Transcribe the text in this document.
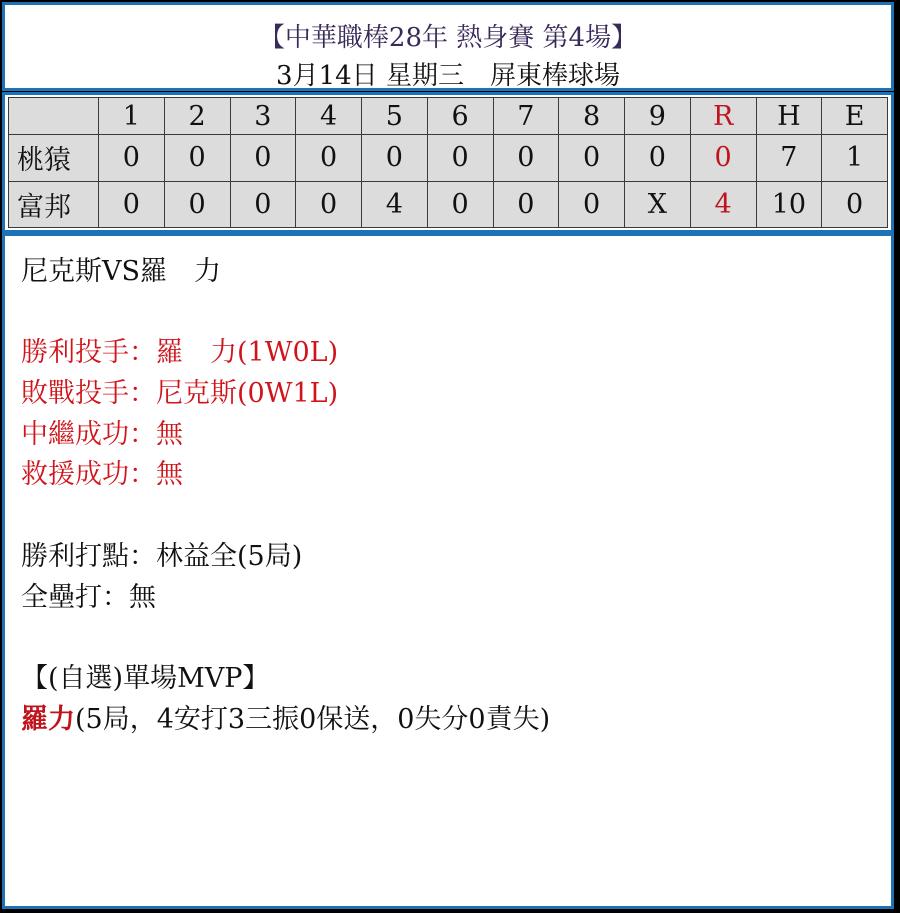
【中華職棒28年 熱身賽 第4場】
3月14日 星期三　屏東棒球場
	1	2	3	4	5	6	7	8	9	R	H	E
桃猿	0	0	0	0	0	0	0	0	0	0	7	1
富邦	0	0	0	0	4	0	0	0	X	4	10	0
尼克斯VS羅　力
勝利投手：羅　力(1W0L)
敗戰投手：尼克斯(0W1L)
中繼成功：無
救援成功：無
勝利打點：林益全(5局)
全壘打：無
【(自選)單場MVP】
羅力(5局，4安打3三振0保送，0失分0責失)
